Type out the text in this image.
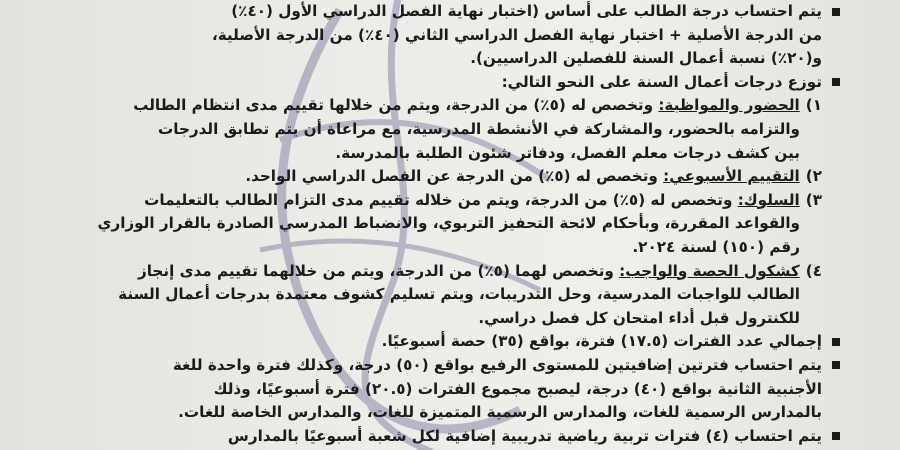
يتم احتساب درجة الطالب على أساس (اختبار نهاية الفصل الدراسي الأول (٤٠٪)
من الدرجة الأصلية + اختبار نهاية الفصل الدراسي الثاني (٤٠٪) من الدرجة الأصلية،
و(٢٠٪) نسبة أعمال السنة للفصلين الدراسيين).
توزع درجات أعمال السنة على النحو التالي:
١)الحضور والمواظبة: وتخصص له (٥٪) من الدرجة، ويتم من خلالها تقييم مدى انتظام الطالب
والتزامه بالحضور، والمشاركة في الأنشطة المدرسية، مع مراعاة أن يتم تطابق الدرجات
بين كشف درجات معلم الفصل، ودفاتر شئون الطلبة بالمدرسة.
٢)التقييم الأسبوعي: وتخصص له (٥٪) من الدرجة عن الفصل الدراسي الواحد.
٣)السلوك: وتخصص له (٥٪) من الدرجة، ويتم من خلاله تقييم مدى التزام الطالب بالتعليمات
والقواعد المقررة، وبأحكام لائحة التحفيز التربوي، والانضباط المدرسي الصادرة بالقرار الوزاري
رقم (١٥٠) لسنة ٢٠٢٤.
٤)كشكول الحصة والواجب: وتخصص لهما (٥٪) من الدرجة، ويتم من خلالهما تقييم مدى إنجاز
الطالب للواجبات المدرسية، وحل التدريبات، ويتم تسليم كشوف معتمدة بدرجات أعمال السنة
للكنترول قبل أداء امتحان كل فصل دراسي.
إجمالي عدد الفترات (١٧.٥) فترة، بواقع (٣٥) حصة أسبوعيًا.
يتم احتساب فترتين إضافيتين للمستوى الرفيع بواقع (٥٠) درجة، وكذلك فترة واحدة للغة
الأجنبية الثانية بواقع (٤٠) درجة، ليصبح مجموع الفترات (٢٠.٥) فترة أسبوعيًا، وذلك
بالمدارس الرسمية للغات، والمدارس الرسمية المتميزة للغات، والمدارس الخاصة للغات.
يتم احتساب (٤) فترات تربية رياضية تدريبية إضافية لكل شعبة أسبوعيًا بالمدارس
